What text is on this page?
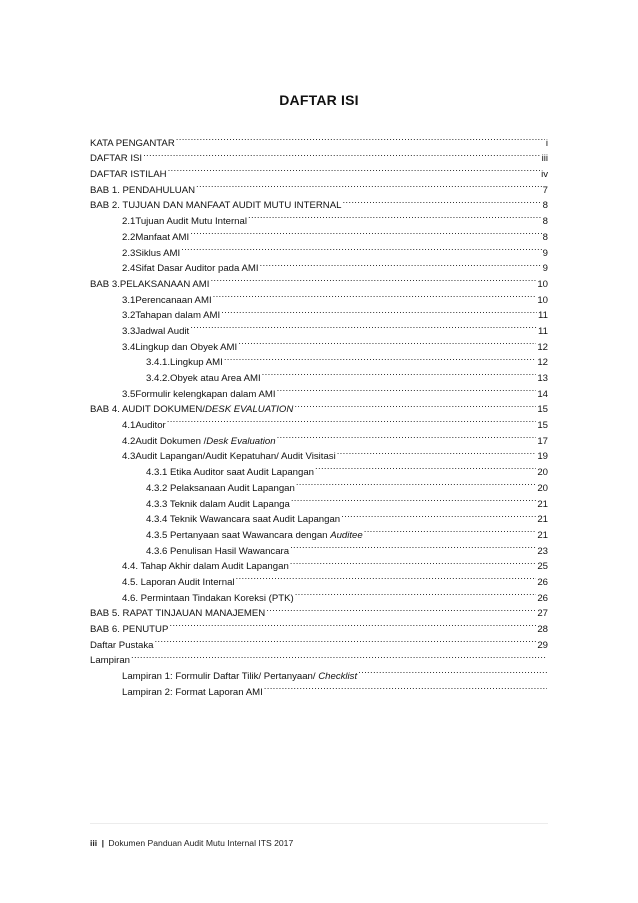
DAFTAR ISI
KATA PENGANTAR .....	i
DAFTAR ISI .....	iii
DAFTAR ISTILAH .....	iv
BAB 1. PENDAHULUAN .....	7
BAB 2. TUJUAN DAN MANFAAT AUDIT MUTU INTERNAL .....	8
2.1Tujuan Audit Mutu Internal .....	8
2.2Manfaat AMI .....	8
2.3Siklus AMI .....	9
2.4Sifat Dasar Auditor pada AMI .....	9
BAB 3.PELAKSANAAN AMI .....	10
3.1Perencanaan AMI .....	10
3.2Tahapan dalam AMI .....	11
3.3Jadwal Audit .....	11
3.4Lingkup dan Obyek AMI .....	12
3.4.1.Lingkup AMI .....	12
3.4.2.Obyek atau Area AMI .....	13
3.5Formulir kelengkapan dalam AMI .....	14
BAB 4. AUDIT DOKUMEN/DESK EVALUATION .....	15
4.1Auditor .....	15
4.2Audit Dokumen /Desk Evaluation .....	17
4.3Audit Lapangan/Audit Kepatuhan/ Audit Visitasi .....	19
4.3.1 Etika Auditor saat Audit Lapangan .....	20
4.3.2 Pelaksanaan Audit Lapangan .....	20
4.3.3 Teknik dalam Audit Lapanga .....	21
4.3.4 Teknik Wawancara saat Audit Lapangan .....	21
4.3.5 Pertanyaan saat Wawancara dengan Auditee .....	21
4.3.6 Penulisan Hasil Wawancara .....	23
4.4. Tahap Akhir dalam Audit Lapangan .....	25
4.5. Laporan Audit Internal .....	26
4.6. Permintaan Tindakan Koreksi (PTK) .....	26
BAB 5. RAPAT TINJAUAN MANAJEMEN .....	27
BAB 6. PENUTUP .....	28
Daftar Pustaka .....	29
Lampiran
.....
Lampiran 1: Formulir Daftar Tilik/ Pertanyaan/ Checklist
.....
Lampiran 2: Format Laporan AMI
.....
iii | Dokumen Panduan Audit Mutu Internal ITS 2017
